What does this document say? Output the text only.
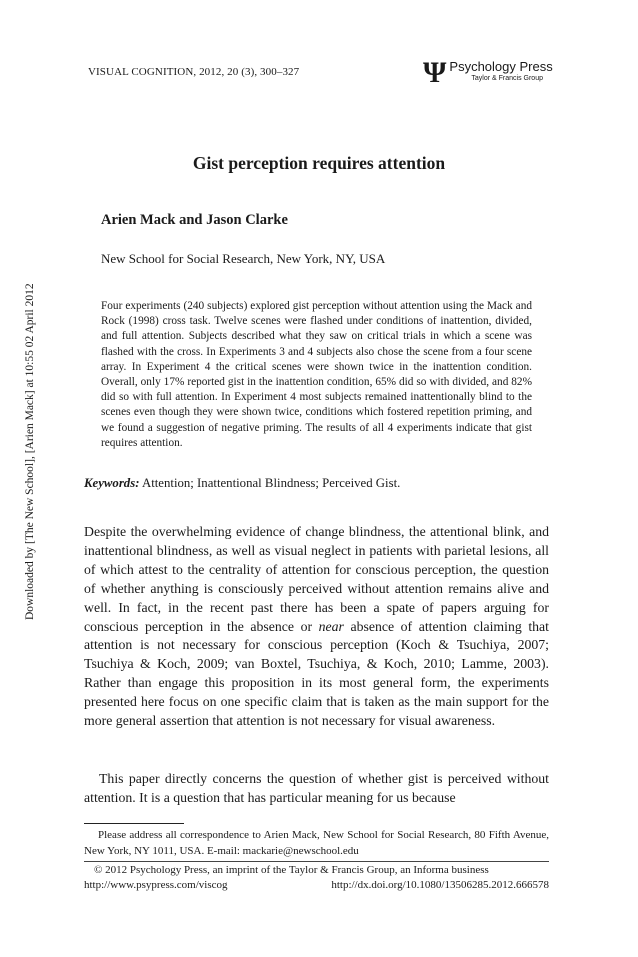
VISUAL COGNITION, 2012, 20 (3), 300–327	Ψ Psychology Press
Taylor & Francis Group
Downloaded by [The New School], [Arien Mack] at 10:55 02 April 2012
Gist perception requires attention
Arien Mack and Jason Clarke
New School for Social Research, New York, NY, USA

Four experiments (240 subjects) explored gist perception without attention using the Mack and Rock (1998) cross task. Twelve scenes were flashed under conditions of inattention, divided, and full attention. Subjects described what they saw on critical trials in which a scene was flashed with the cross. In Experiments 3 and 4 subjects also chose the scene from a four scene array. In Experiment 4 the critical scenes were shown twice in the inattention condition. Overall, only 17% reported gist in the inattention condition, 65% did so with divided, and 82% did so with full attention. In Experiment 4 most subjects remained inattentionally blind to the scenes even though they were shown twice, conditions which fostered repetition priming, and we found a suggestion of negative priming. The results of all 4 experiments indicate that gist requires attention.

Keywords: Attention; Inattentional Blindness; Perceived Gist.

Despite the overwhelming evidence of change blindness, the attentional blink, and inattentional blindness, as well as visual neglect in patients with parietal lesions, all of which attest to the centrality of attention for conscious perception, the question of whether anything is consciously perceived without attention remains alive and well. In fact, in the recent past there has been a spate of papers arguing for conscious perception in the absence or near absence of attention claiming that attention is not necessary for conscious perception (Koch & Tsuchiya, 2007; Tsuchiya & Koch, 2009; van Boxtel, Tsuchiya, & Koch, 2010; Lamme, 2003). Rather than engage this proposition in its most general form, the experiments presented here focus on one specific claim that is taken as the main support for the more general assertion that attention is not necessary for visual awareness.

This paper directly concerns the question of whether gist is perceived without attention. It is a question that has particular meaning for us because

Please address all correspondence to Arien Mack, New School for Social Research, 80 Fifth Avenue, New York, NY 1011, USA. E-mail: mackarie@newschool.edu

© 2012 Psychology Press, an imprint of the Taylor & Francis Group, an Informa business
http://www.psypress.com/viscog	http://dx.doi.org/10.1080/13506285.2012.666578
